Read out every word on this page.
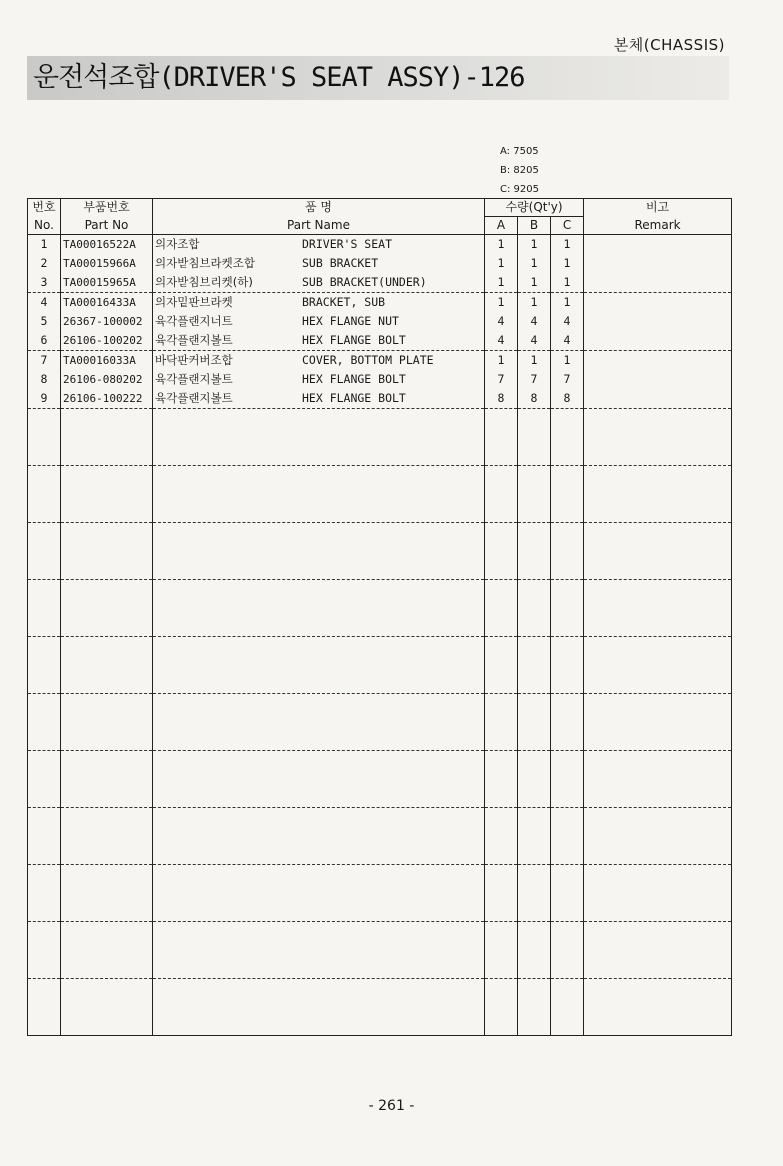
본체(CHASSIS)
운전석조합(DRIVER'S SEAT ASSY)-126
A: 7505
B: 8205
C: 9205
번호	부품번호	품 명	수량(Qt'y)			비고
No.	Part No	Part Name	A	B	C	Remark
1	TA00016522A	의자조합 DRIVER'S SEAT	1	1	1	
2	TA00015966A	의자받침브라켓조합 SUB BRACKET	1	1	1	
3	TA00015965A	의자받침브리켓(하) SUB BRACKET(UNDER)	1	1	1	
4	TA00016433A	의자밑판브라켓 BRACKET, SUB	1	1	1	
5	26367-100002	육각플랜지너트 HEX FLANGE NUT	4	4	4	
6	26106-100202	육각플랜지볼트 HEX FLANGE BOLT	4	4	4	
7	TA00016033A	바닥판커버조합 COVER, BOTTOM PLATE	1	1	1	
8	26106-080202	육각플랜지볼트 HEX FLANGE BOLT	7	7	7	
9	26106-100222	육각플랜지볼트 HEX FLANGE BOLT	8	8	8	

- 261 -
